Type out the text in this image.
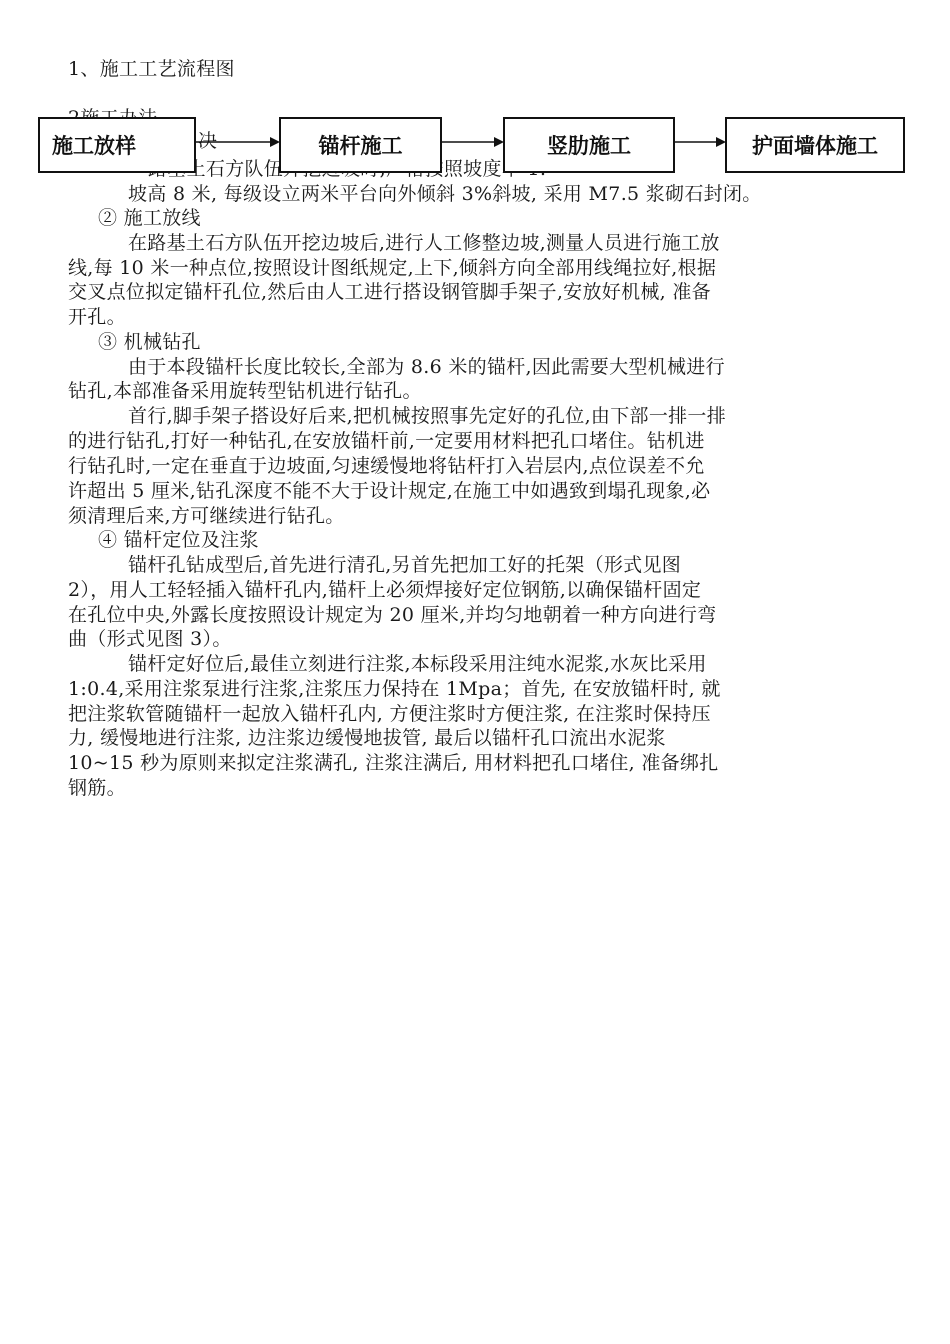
1、施工工艺流程图
决
施工放样	锚杆施工	竖肋施工	护面墙体施工
坡高 8 米, 每级设立两米平台向外倾斜 3%斜坡, 采用 M7.5 浆砌石封闭。
② 施工放线
在路基土石方队伍开挖边坡后,进行人工修整边坡,测量人员进行施工放
线,每 10 米一种点位,按照设计图纸规定,上下,倾斜方向全部用线绳拉好,根据
交叉点位拟定锚杆孔位,然后由人工进行搭设钢管脚手架子,安放好机械, 准备
开孔。
③ 机械钻孔
由于本段锚杆长度比较长,全部为 8.6 米的锚杆,因此需要大型机械进行
钻孔,本部准备采用旋转型钻机进行钻孔。
首行,脚手架子搭设好后来,把机械按照事先定好的孔位,由下部一排一排
的进行钻孔,打好一种钻孔,在安放锚杆前,一定要用材料把孔口堵住。钻机进
行钻孔时,一定在垂直于边坡面,匀速缓慢地将钻杆打入岩层内,点位误差不允
许超出 5 厘米,钻孔深度不能不大于设计规定,在施工中如遇致到塌孔现象,必
须清理后来,方可继续进行钻孔。
④ 锚杆定位及注浆
锚杆孔钻成型后,首先进行清孔,另首先把加工好的托架（形式见图
2），用人工轻轻插入锚杆孔内,锚杆上必须焊接好定位钢筋,以确保锚杆固定
在孔位中央,外露长度按照设计规定为 20 厘米,并均匀地朝着一种方向进行弯
曲（形式见图 3）。
锚杆定好位后,最佳立刻进行注浆,本标段采用注纯水泥浆,水灰比采用
1:0.4,采用注浆泵进行注浆,注浆压力保持在 1Mpa；首先, 在安放锚杆时, 就
把注浆软管随锚杆一起放入锚杆孔内, 方便注浆时方便注浆, 在注浆时保持压
力, 缓慢地进行注浆, 边注浆边缓慢地拔管, 最后以锚杆孔口流出水泥浆
10~15 秒为原则来拟定注浆满孔, 注浆注满后, 用材料把孔口堵住, 准备绑扎
钢筋。
